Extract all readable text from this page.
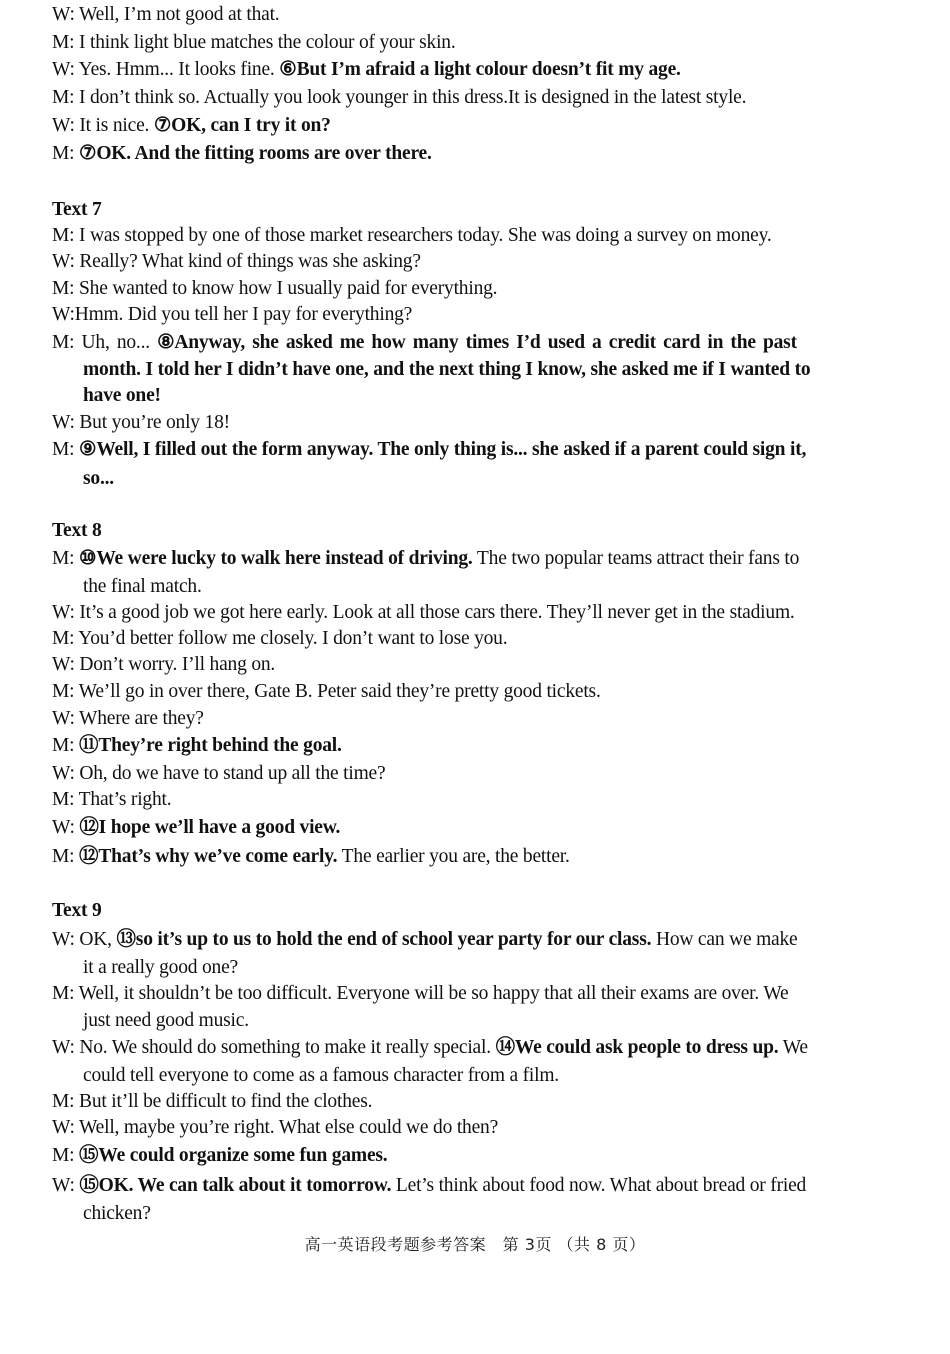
W: Well, I’m not good at that.
M: I think light blue matches the colour of your skin.
W: Yes. Hmm... It looks fine. ⑥But I’m afraid a light colour doesn’t fit my age.
M: I don’t think so. Actually you look younger in this dress.It is designed in the latest style.
W: It is nice. ⑦OK, can I try it on?
M: ⑦OK. And the fitting rooms are over there.
Text 7
M: I was stopped by one of those market researchers today. She was doing a survey on money.
W: Really? What kind of things was she asking?
M: She wanted to know how I usually paid for everything.
W:Hmm. Did you tell her I pay for everything?
M: Uh, no... ⑧Anyway, she asked me how many times I’d used a credit card in the past
month. I told her I didn’t have one, and the next thing I know, she asked me if I wanted to
have one!
W: But you’re only 18!
M: ⑨Well, I filled out the form anyway. The only thing is... she asked if a parent could sign it,
so...
Text 8
M: ⑩We were lucky to walk here instead of driving. The two popular teams attract their fans to
the final match.
W: It’s a good job we got here early. Look at all those cars there. They’ll never get in the stadium.
M: You’d better follow me closely. I don’t want to lose you.
W: Don’t worry. I’ll hang on.
M: We’ll go in over there, Gate B. Peter said they’re pretty good tickets.
W: Where are they?
M: ⑪They’re right behind the goal.
W: Oh, do we have to stand up all the time?
M: That’s right.
W: ⑫I hope we’ll have a good view.
M: ⑫That’s why we’ve come early. The earlier you are, the better.
Text 9
W: OK, ⑬so it’s up to us to hold the end of school year party for our class. How can we make
it a really good one?
M: Well, it shouldn’t be too difficult. Everyone will be so happy that all their exams are over. We
just need good music.
W: No. We should do something to make it really special. ⑭We could ask people to dress up. We
could tell everyone to come as a famous character from a film.
M: But it’ll be difficult to find the clothes.
W: Well, maybe you’re right. What else could we do then?
M: ⑮We could organize some fun games.
W: ⑮OK. We can talk about it tomorrow. Let’s think about food now. What about bread or fried
chicken?
高一英语段考题参考答案　第 3页 （共 8 页）
